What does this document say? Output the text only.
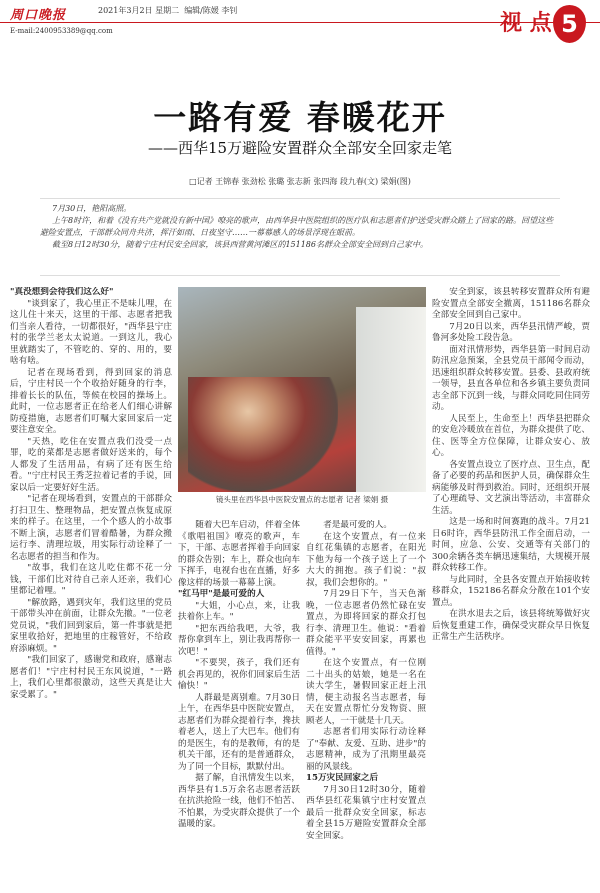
周口晚报	2021年3月2日 星期二 编辑/陈媛 李钊
E-mail:2400953389@qq.com	视 点 5
一路有爱 春暖花开
——西华15万避险安置群众全部安全回家走笔
□记者 王锦春 张劲松 张璐 张志新 张四海 段九春(文) 梁娟(图)

7月30日，艳阳高照。

上午8时许，和着《没有共产党就没有新中国》嘹亮的歌声，由西华县中医院组织的医疗队和志愿者们护送受灾群众踏上了回家的路。回望这些避险安置点，干部群众同舟共济，挥汗如雨、日夜坚守……一幕幕感人的场景浮现在眼前。

截至8日12时30分，随着宁庄村民安全回家，该县西营黄河滩区的151186名群众全部安全回到自己家中。

"真没想到会待我们这么好"

"谈到家了，我心里正不是味儿哩，在这儿住十来天，这里的干部、志愿者把我们当亲人看待，一切都很好，"西华县宁庄村的张学兰老太太说道。一到这儿，我心里就踏实了，不管吃的、穿的、用的，要啥有啥。

记者在现场看到，得到回家的消息后，宁庄村民一个个收拾好随身的行李，排着长长的队伍，等候在校园的操场上。此时，一位志愿者正在给老人们细心讲解防疫措施，志愿者们叮嘱大家回家后一定要注意安全。

"天热，吃住在安置点我们没受一点罪，吃的菜都是志愿者做好送来的，每个人都发了生活用品，有病了还有医生给看。"宁庄村民王秀芝拉着记者的手说，回家以后一定要好好生活。

"记者在现场看到，安置点的干部群众打扫卫生、整理物品，把安置点恢复成原来的样子。在这里，一个个感人的小故事不断上演，志愿者们冒着酷暑，为群众搬运行李、清理垃圾，用实际行动诠释了一名志愿者的担当和作为。

"故事，我们在这儿吃住都不花一分钱，干部们比对待自己亲人还亲，我们心里都记着哩。"

"解放路，遇到灾年，我们这里的党员干部带头冲在前面，让群众先撤。"一位老党员说，"我们回到家后，第一件事就是把家里收拾好，把地里的庄稼管好，不给政府添麻烦。"

"我们回家了，感谢党和政府，感谢志愿者们！"宁庄村村民王东风说道，"一路上，我们心里都很激动，这些天真是让大家受累了。"

镜头里在西华县中医院安置点的志愿者 记者 梁娟 摄

随着大巴车启动，伴着全体《歌唱祖国》嘹亮的歌声，车下，干部、志愿者挥着手向回家的群众告别；车上，群众也向车下挥手，电视台也在直播，好多像这样的场景一幕幕上演。

"红马甲"是最可爱的人

"大姐，小心点，来，让我扶着你上车。"

"把东西给我吧，大爷，我帮你拿到车上，别让我再帮你一次吧！"

"不要哭，孩子，我们还有机会再见的，祝你们回家后生活愉快！"

人群最是离别难。7月30日上午，在西华县中医院安置点，志愿者们为群众提着行李，搀扶着老人，送上了大巴车。他们有的是医生，有的是教师，有的是机关干部，还有的是普通群众，为了同一个目标，默默付出。

据了解，自汛情发生以来，西华县有1.5万余名志愿者活跃在抗洪抢险一线，他们不怕苦、不怕累，为受灾群众提供了一个温暖的家。

者是最可爱的人。

在这个安置点，有一位来自红花集镇的志愿者，在阳光下他为每一个孩子送上了一个大大的拥抱。孩子们说："叔叔，我们会想你的。"

7月29日下午，当天色渐晚，一位志愿者仍然忙碌在安置点，为即将回家的群众打包行李、清理卫生。他说："看着群众能平平安安回家，再累也值得。"

在这个安置点，有一位刚二十出头的姑娘，她是一名在读大学生，暑假回家正赶上汛情，便主动报名当志愿者，每天在安置点帮忙分发物资、照顾老人，一干就是十几天。

志愿者们用实际行动诠释了"奉献、友爱、互助、进步"的志愿精神，成为了汛期里最亮丽的风景线。

15万灾民回家之后

7月30日12时30分，随着西华县红花集镇宁庄村安置点最后一批群众安全回家，标志着全县15万避险安置群众全部安全回家。

安全到家，该县转移安置群众所有避险安置点全部安全撤离，151186名群众全部安全回到自己家中。

7月20日以来，西华县汛情严峻，贾鲁河多处险工段告急。

面对汛情形势，西华县第一时间启动防汛应急预案，全县党员干部闻令而动，迅速组织群众转移安置。县委、县政府统一领导，县直各单位和各乡镇主要负责同志全部下沉到一线，与群众同吃同住同劳动。

人民至上，生命至上！西华县把群众的安危冷暖放在首位，为群众提供了吃、住、医等全方位保障，让群众安心、放心。

各安置点设立了医疗点、卫生点，配备了必要的药品和医护人员，确保群众生病能够及时得到救治。同时，还组织开展了心理疏导、文艺演出等活动，丰富群众生活。

这是一场和时间赛跑的战斗。7月21日6时许，西华县防汛工作全面启动，一时间，应急、公安、交通等有关部门的300余辆各类车辆迅速集结，大规模开展群众转移工作。

与此同时，全县各安置点开始接收转移群众，152186名群众分散在101个安置点。

在洪水退去之后，该县将统筹做好灾后恢复重建工作，确保受灾群众早日恢复正常生产生活秩序。
